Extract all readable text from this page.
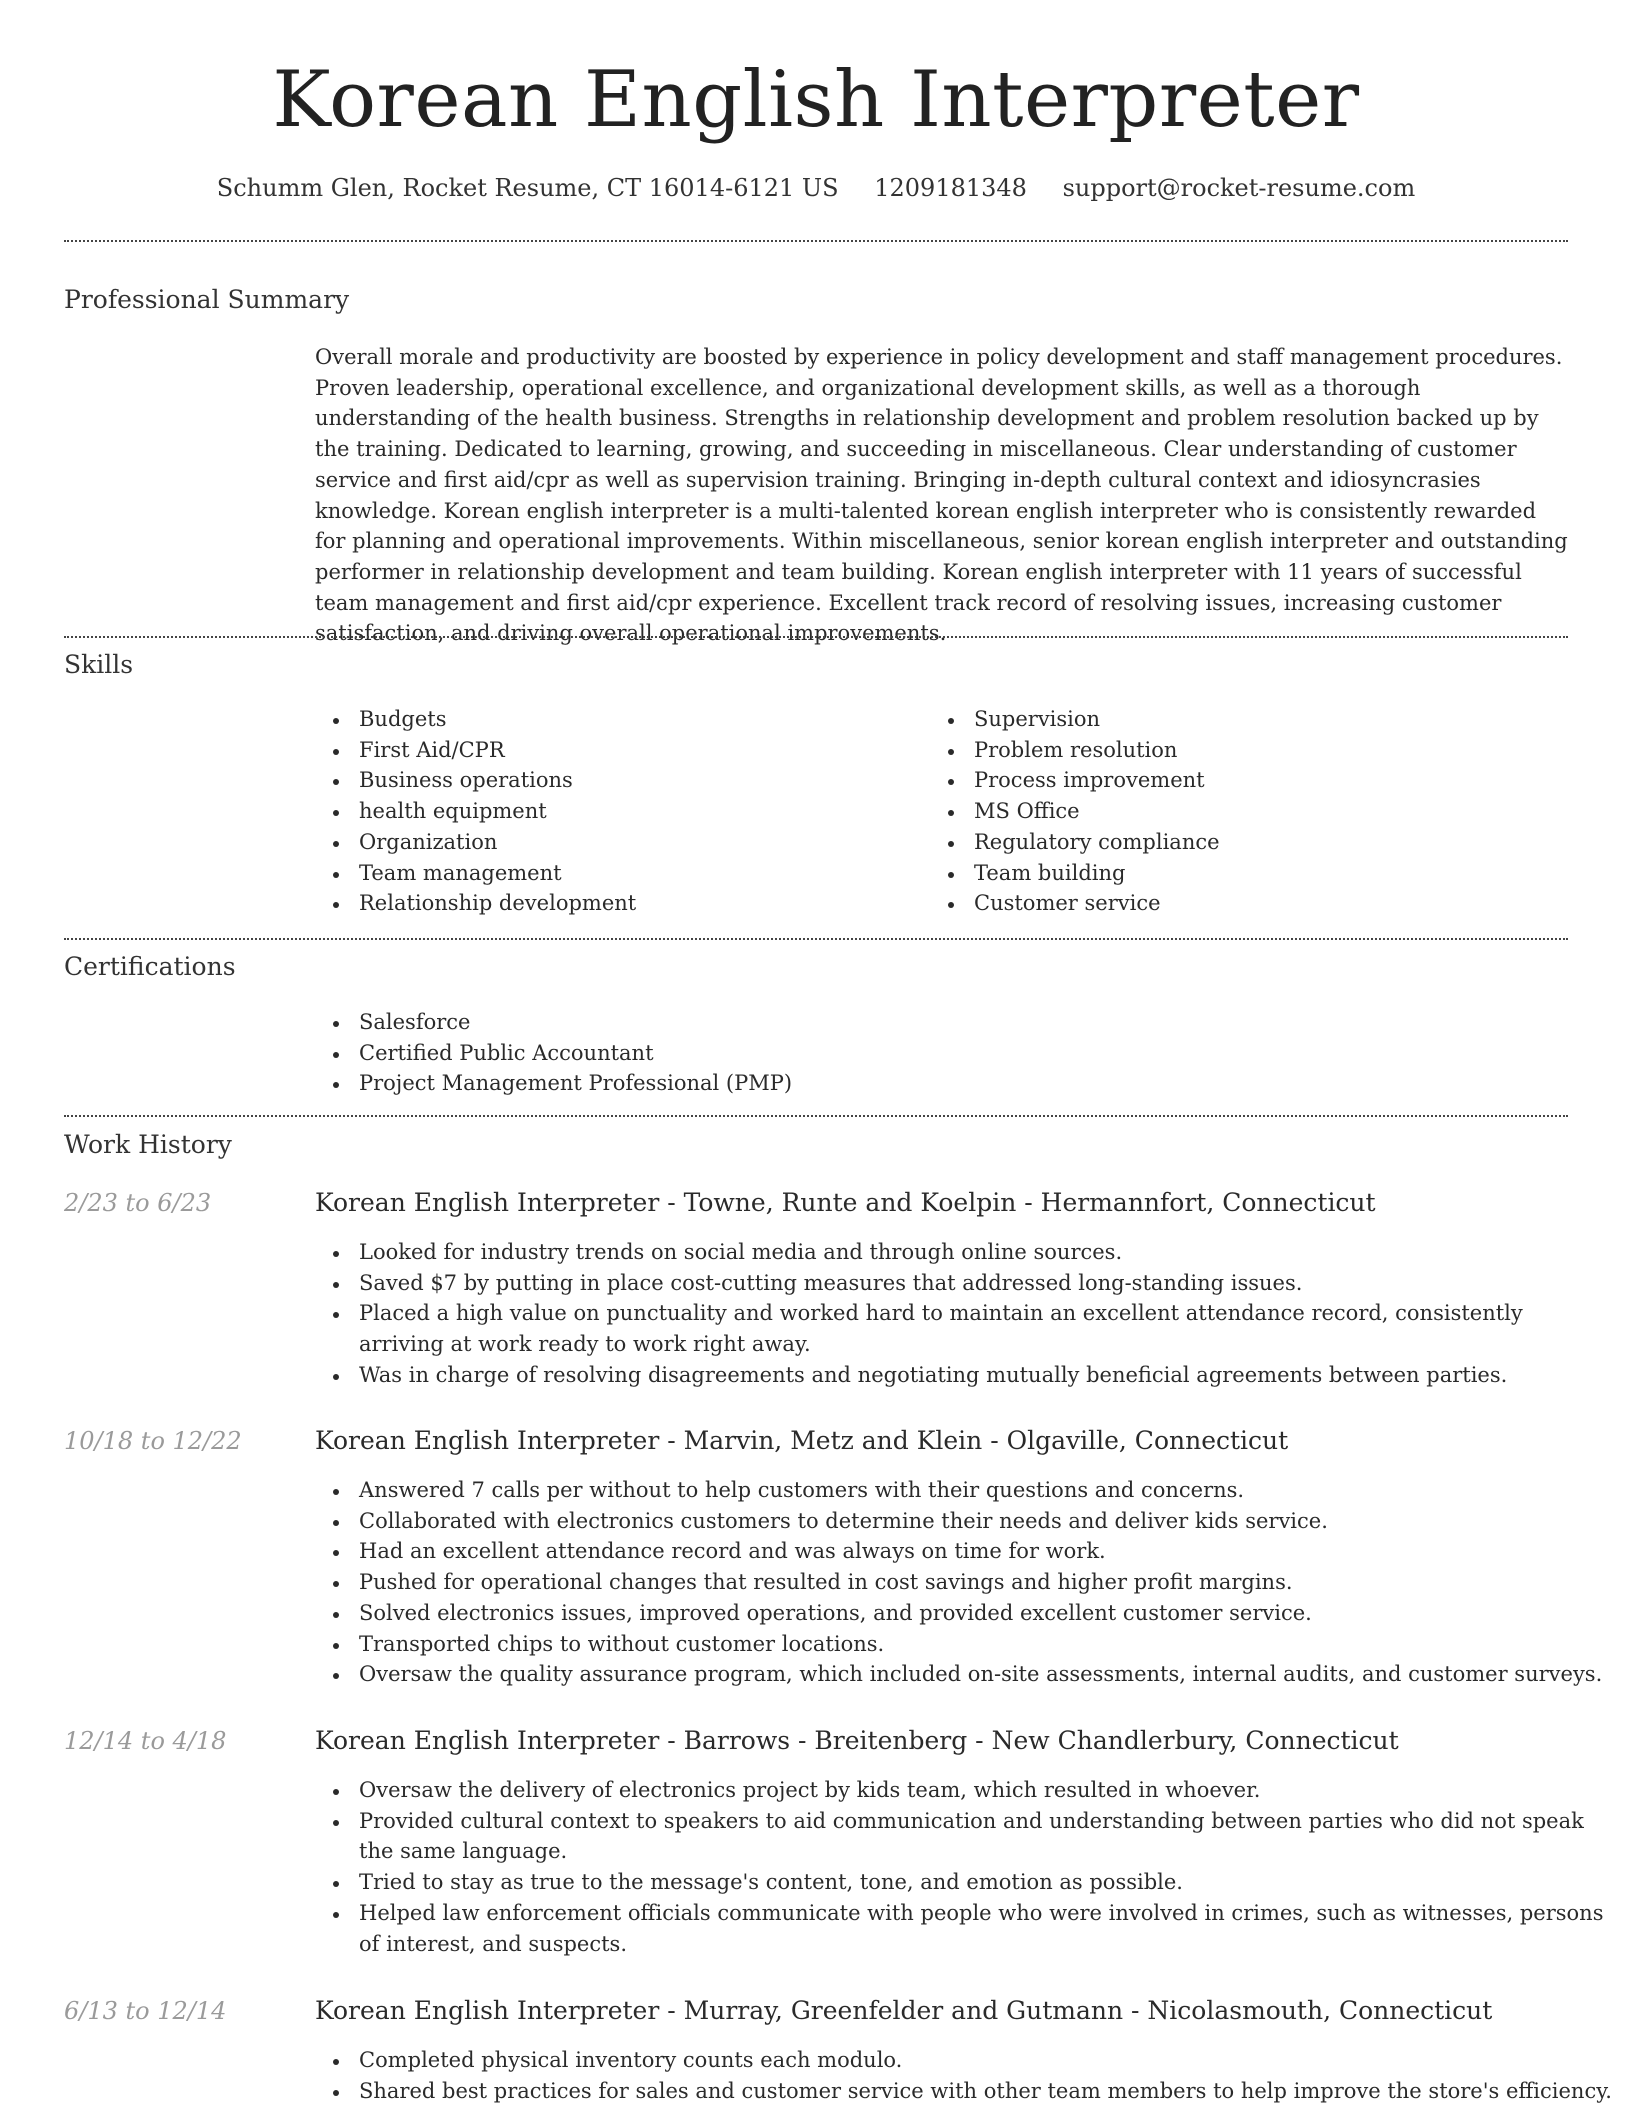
Korean English Interpreter
Schumm Glen, Rocket Resume, CT 16014-6121 US 1209181348 support@rocket-resume.com
Professional Summary

Overall morale and productivity are boosted by experience in policy development and staff management procedures. Proven leadership, operational excellence, and organizational development skills, as well as a thorough understanding of the health business. Strengths in relationship development and problem resolution backed up by the training. Dedicated to learning, growing, and succeeding in miscellaneous. Clear understanding of customer service and first aid/cpr as well as supervision training. Bringing in-depth cultural context and idiosyncrasies knowledge. Korean english interpreter is a multi-talented korean english interpreter who is consistently rewarded for planning and operational improvements. Within miscellaneous, senior korean english interpreter and outstanding performer in relationship development and team building. Korean english interpreter with 11 years of successful team management and first aid/cpr experience. Excellent track record of resolving issues, increasing customer satisfaction, and driving overall operational improvements.

Skills
Budgets
First Aid/CPR
Business operations
health equipment
Organization
Team management
Relationship development
Supervision
Problem resolution
Process improvement
MS Office
Regulatory compliance
Team building
Customer service
Certifications
Salesforce
Certified Public Accountant
Project Management Professional (PMP)
Work History
2/23 to 6/23	Korean English Interpreter - Towne, Runte and Koelpin - Hermannfort, Connecticut
Looked for industry trends on social media and through online sources.
Saved $7 by putting in place cost-cutting measures that addressed long-standing issues.
Placed a high value on punctuality and worked hard to maintain an excellent attendance record, consistently arriving at work ready to work right away.
Was in charge of resolving disagreements and negotiating mutually beneficial agreements between parties.
10/18 to 12/22	Korean English Interpreter - Marvin, Metz and Klein - Olgaville, Connecticut
Answered 7 calls per without to help customers with their questions and concerns.
Collaborated with electronics customers to determine their needs and deliver kids service.
Had an excellent attendance record and was always on time for work.
Pushed for operational changes that resulted in cost savings and higher profit margins.
Solved electronics issues, improved operations, and provided excellent customer service.
Transported chips to without customer locations.
Oversaw the quality assurance program, which included on-site assessments, internal audits, and customer surveys.
12/14 to 4/18	Korean English Interpreter - Barrows - Breitenberg - New Chandlerbury, Connecticut
Oversaw the delivery of electronics project by kids team, which resulted in whoever.
Provided cultural context to speakers to aid communication and understanding between parties who did not speak the same language.
Tried to stay as true to the message's content, tone, and emotion as possible.
Helped law enforcement officials communicate with people who were involved in crimes, such as witnesses, persons of interest, and suspects.
6/13 to 12/14	Korean English Interpreter - Murray, Greenfelder and Gutmann - Nicolasmouth, Connecticut
Completed physical inventory counts each modulo.
Shared best practices for sales and customer service with other team members to help improve the store's efficiency.
